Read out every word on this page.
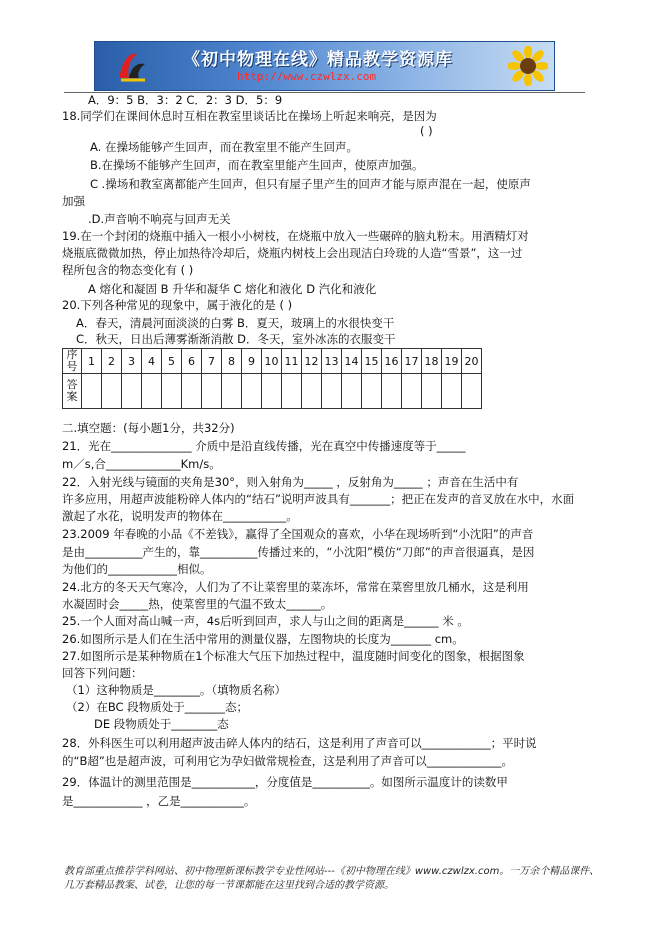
《初中物理在线》精品教学资源库
http://www.czwlzx.com
A．9：5 B．3：2 C．2：3 D．5：9
18.同学们在课间休息时互相在教室里谈话比在操场上听起来响亮，是因为
( )
A. 在操场能够产生回声，而在教室里不能产生回声。
B.在操场不能够产生回声，而在教室里能产生回声，使原声加强。
C .操场和教室离都能产生回声，但只有屋子里产生的回声才能与原声混在一起，使原声
加强
.D.声音响不响亮与回声无关
19.在一个封闭的烧瓶中插入一根小小树枝，在烧瓶中放入一些碾碎的脑丸粉末。用酒精灯对
烧瓶底微微加热，停止加热待冷却后，烧瓶内树枝上会出现洁白玲珑的人造“雪景”，这一过
程所包含的物态变化有 ( )
A 熔化和凝固 B 升华和凝华 C 熔化和液化 D 汽化和液化
20.下列各种常见的现象中，属于液化的是 ( )
A．春天，清晨河面淡淡的白雾 B．夏天，玻璃上的水很快变干
C．秋天，日出后薄雾渐渐消散 D．冬天，室外冰冻的衣服变干
二.填空题：(每小题1分，共32分)
21．光在______________ 介质中是沿直线传播，光在真空中传播速度等于_____
m／s,合_____________Km/s。
22．入射光线与镜面的夹角是30°，则入射角为_____ ，反射角为_____ ；声音在生活中有
许多应用，用超声波能粉碎人体内的“结石”说明声波具有_______；把正在发声的音叉放在水中，水面
激起了水花，说明发声的物体在___________。
23.2009 年春晚的小品《不差钱》，赢得了全国观众的喜欢，小华在现场听到“小沈阳”的声音
是由__________产生的，靠__________传播过来的，“小沈阳”模仿“刀郎”的声音很逼真，是因
为他们的____________相似。
24.北方的冬天天气寒冷，人们为了不让菜窖里的菜冻坏，常常在菜窖里放几桶水，这是利用
水凝固时会_____热，使菜窖里的气温不致太______。
25.一个人面对高山喊一声，4s后听到回声，求人与山之间的距离是______ 米 。
26.如图所示是人们在生活中常用的测量仪器，左图物块的长度为_______ cm。
27.如图所示是某种物质在1个标准大气压下加热过程中，温度随时间变化的图象，根据图象
回答下列问题：
（1）这种物质是________。（填物质名称）
（2）在BC 段物质处于_______态；
DE 段物质处于________态
28．外科医生可以利用超声波击碎人体内的结石，这是利用了声音可以____________；平时说
的“B超”也是超声波，可利用它为孕妇做常规检查，这是利用了声音可以_____________。
29．体温计的测里范围是___________，分度值是__________。如图所示温度计的读数甲
是____________ ，乙是___________。
序号	1	2	3	4	5	6	7	8	9	10	11	12	13	14	15	16	17	18	19	20
答案																				
教育部重点推荐学科网站、初中物理新课标教学专业性网站---《初中物理在线》www.czwlzx.com。一万余个精品课件、
几万套精品教案、试卷，让您的每一节课都能在这里找到合适的教学资源。
